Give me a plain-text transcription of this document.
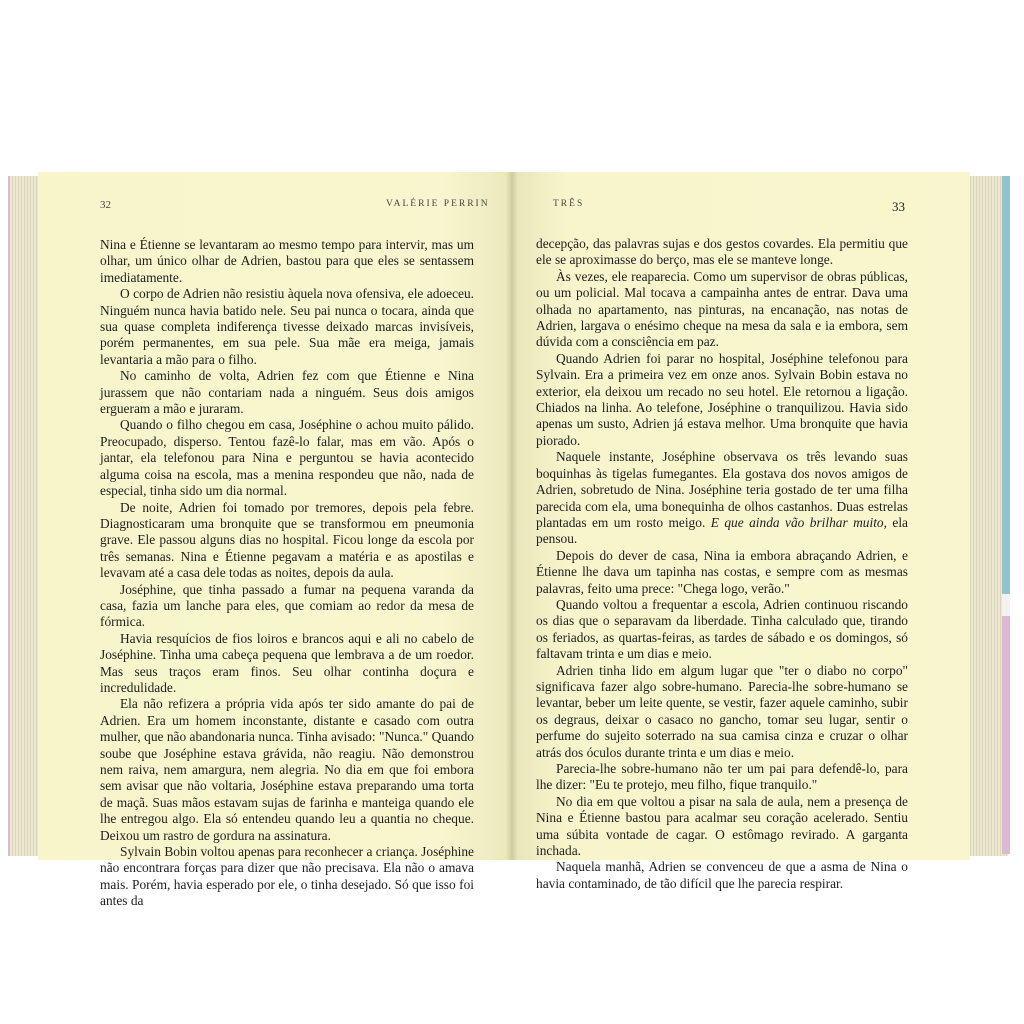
32	VALÉRIE PERRIN	TRÊS	33

Nina e Étienne se levantaram ao mesmo tempo para intervir, mas um olhar, um único olhar de Adrien, bastou para que eles se sentassem imediatamente.

O corpo de Adrien não resistiu àquela nova ofensiva, ele adoeceu. Ninguém nunca havia batido nele. Seu pai nunca o tocara, ainda que sua quase completa indiferença tivesse deixado marcas invisíveis, porém permanentes, em sua pele. Sua mãe era meiga, jamais levantaria a mão para o filho.

No caminho de volta, Adrien fez com que Étienne e Nina jurassem que não contariam nada a ninguém. Seus dois amigos ergueram a mão e juraram.

Quando o filho chegou em casa, Joséphine o achou muito pálido. Preocupado, disperso. Tentou fazê-lo falar, mas em vão. Após o jantar, ela telefonou para Nina e perguntou se havia acontecido alguma coisa na escola, mas a menina respondeu que não, nada de especial, tinha sido um dia normal.

De noite, Adrien foi tomado por tremores, depois pela febre. Diagnosticaram uma bronquite que se transformou em pneumonia grave. Ele passou alguns dias no hospital. Ficou longe da escola por três semanas. Nina e Étienne pegavam a matéria e as apostilas e levavam até a casa dele todas as noites, depois da aula.

Joséphine, que tinha passado a fumar na pequena varanda da casa, fazia um lanche para eles, que comiam ao redor da mesa de fórmica.

Havia resquícios de fios loiros e brancos aqui e ali no cabelo de Joséphine. Tinha uma cabeça pequena que lembrava a de um roedor. Mas seus traços eram finos. Seu olhar continha doçura e incredulidade.

Ela não refizera a própria vida após ter sido amante do pai de Adrien. Era um homem inconstante, distante e casado com outra mulher, que não abandonaria nunca. Tinha avisado: "Nunca." Quando soube que Joséphine estava grávida, não reagiu. Não demonstrou nem raiva, nem amargura, nem alegria. No dia em que foi embora sem avisar que não voltaria, Joséphine estava preparando uma torta de maçã. Suas mãos estavam sujas de farinha e manteiga quando ele lhe entregou algo. Ela só entendeu quando leu a quantia no cheque. Deixou um rastro de gordura na assinatura.

Sylvain Bobin voltou apenas para reconhecer a criança. Joséphine não encontrara forças para dizer que não precisava. Ela não o amava mais. Porém, havia esperado por ele, o tinha desejado. Só que isso foi antes da

decepção, das palavras sujas e dos gestos covardes. Ela permitiu que ele se aproximasse do berço, mas ele se manteve longe.

Às vezes, ele reaparecia. Como um supervisor de obras públicas, ou um policial. Mal tocava a campainha antes de entrar. Dava uma olhada no apartamento, nas pinturas, na encanação, nas notas de Adrien, largava o enésimo cheque na mesa da sala e ia embora, sem dúvida com a consciência em paz.

Quando Adrien foi parar no hospital, Joséphine telefonou para Sylvain. Era a primeira vez em onze anos. Sylvain Bobin estava no exterior, ela deixou um recado no seu hotel. Ele retornou a ligação. Chiados na linha. Ao telefone, Joséphine o tranquilizou. Havia sido apenas um susto, Adrien já estava melhor. Uma bronquite que havia piorado.

Naquele instante, Joséphine observava os três levando suas boquinhas às tigelas fumegantes. Ela gostava dos novos amigos de Adrien, sobretudo de Nina. Joséphine teria gostado de ter uma filha parecida com ela, uma bonequinha de olhos castanhos. Duas estrelas plantadas em um rosto meigo. E que ainda vão brilhar muito, ela pensou.

Depois do dever de casa, Nina ia embora abraçando Adrien, e Étienne lhe dava um tapinha nas costas, e sempre com as mesmas palavras, feito uma prece: "Chega logo, verão."

Quando voltou a frequentar a escola, Adrien continuou riscando os dias que o separavam da liberdade. Tinha calculado que, tirando os feriados, as quartas-feiras, as tardes de sábado e os domingos, só faltavam trinta e um dias e meio.

Adrien tinha lido em algum lugar que "ter o diabo no corpo" significava fazer algo sobre-humano. Parecia-lhe sobre-humano se levantar, beber um leite quente, se vestir, fazer aquele caminho, subir os degraus, deixar o casaco no gancho, tomar seu lugar, sentir o perfume do sujeito soterrado na sua camisa cinza e cruzar o olhar atrás dos óculos durante trinta e um dias e meio.

Parecia-lhe sobre-humano não ter um pai para defendê-lo, para lhe dizer: "Eu te protejo, meu filho, fique tranquilo."

No dia em que voltou a pisar na sala de aula, nem a presença de Nina e Étienne bastou para acalmar seu coração acelerado. Sentiu uma súbita vontade de cagar. O estômago revirado. A garganta inchada.

Naquela manhã, Adrien se convenceu de que a asma de Nina o havia contaminado, de tão difícil que lhe parecia respirar.
